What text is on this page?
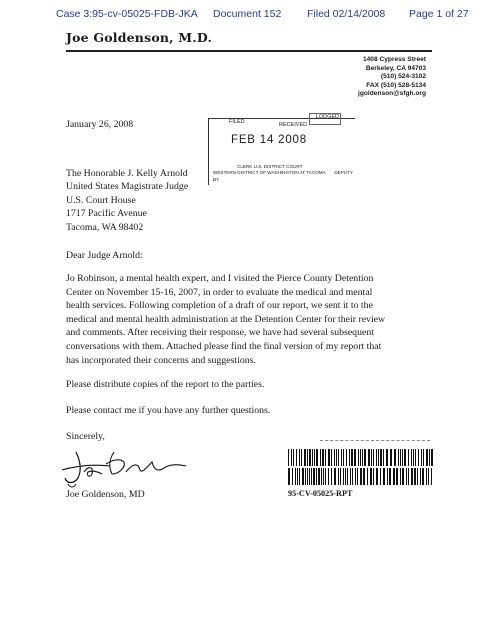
Case 3:95-cv-05025-FDB-JKA Document 152 Filed 02/14/2008 Page 1 of 27
Joe Goldenson, M.D.
1408 Cypress Street
Berkeley, CA 94703
(510) 524-3102
FAX (510) 528-5134
jgoldenson@sfgh.org
January 26, 2008	FILED	RECEIVED
LODGED
FEB 14 2008
CLERK U.S. DISTRICT COURT
WESTERN DISTRICT OF WASHINGTON AT TACOMA
BY
DEPUTY
The Honorable J. Kelly Arnold
United States Magistrate Judge
U.S. Court House
1717 Pacific Avenue
Tacoma, WA 98402
Dear Judge Arnold:
Jo Robinson, a mental health expert, and I visited the Pierce County Detention
Center on November 15-16, 2007, in order to evaluate the medical and mental
health services. Following completion of a draft of our report, we sent it to the
medical and mental health administration at the Detention Center for their review
and comments. After receiving their response, we have had several subsequent
conversations with them. Attached please find the final version of my report that
has incorporated their concerns and suggestions.
Please distribute copies of the report to the parties.
Please contact me if you have any further questions.
Sincerely,
Joe Goldenson, MD	95-CV-05025-RPT
